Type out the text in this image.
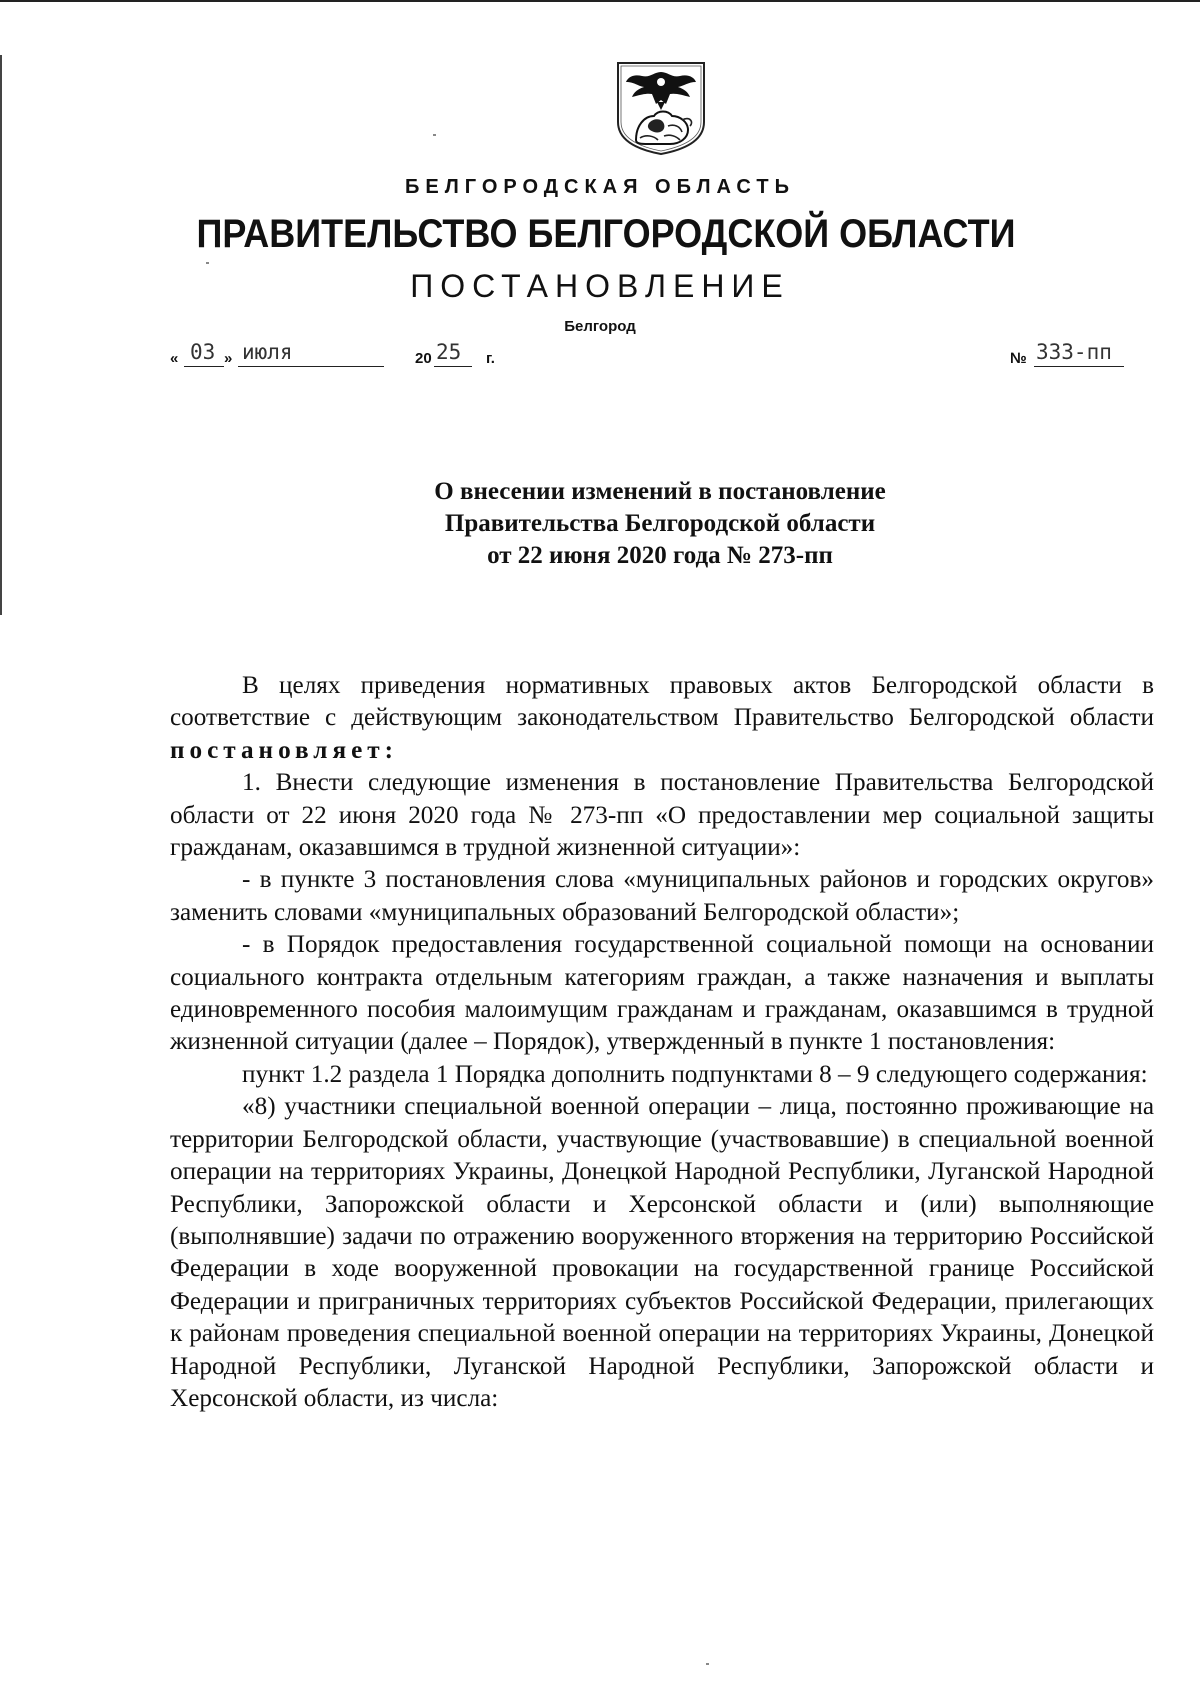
БЕЛГОРОДСКАЯ ОБЛАСТЬ
ПРАВИТЕЛЬСТВО БЕЛГОРОДСКОЙ ОБЛАСТИ
ПОСТАНОВЛЕНИЕ
Белгород
« 03 » июля	20 25 г.	№ 333-пп
О внесении изменений в постановление
Правительства Белгородской области
от 22 июня 2020 года № 273-пп

В целях приведения нормативных правовых актов Белгородской области в соответствие с действующим законодательством Правительство Белгородской области постановляет:

1. Внести следующие изменения в постановление Правительства Белгородской области от 22 июня 2020 года № 273-пп «О предоставлении мер социальной защиты гражданам, оказавшимся в трудной жизненной ситуации»:

- в пункте 3 постановления слова «муниципальных районов и городских округов» заменить словами «муниципальных образований Белгородской области»;

- в Порядок предоставления государственной социальной помощи на основании социального контракта отдельным категориям граждан, а также назначения и выплаты единовременного пособия малоимущим гражданам и гражданам, оказавшимся в трудной жизненной ситуации (далее – Порядок), утвержденный в пункте 1 постановления:

пункт 1.2 раздела 1 Порядка дополнить подпунктами 8 – 9 следующего содержания:

«8) участники специальной военной операции – лица, постоянно проживающие на территории Белгородской области, участвующие (участвовавшие) в специальной военной операции на территориях Украины, Донецкой Народной Республики, Луганской Народной Республики, Запорожской области и Херсонской области и (или) выполняющие (выполнявшие) задачи по отражению вооруженного вторжения на территорию Российской Федерации в ходе вооруженной провокации на государственной границе Российской Федерации и приграничных территориях субъектов Российской Федерации, прилегающих к районам проведения специальной военной операции на территориях Украины, Донецкой Народной Республики, Луганской Народной Республики, Запорожской области и Херсонской области, из числа:
